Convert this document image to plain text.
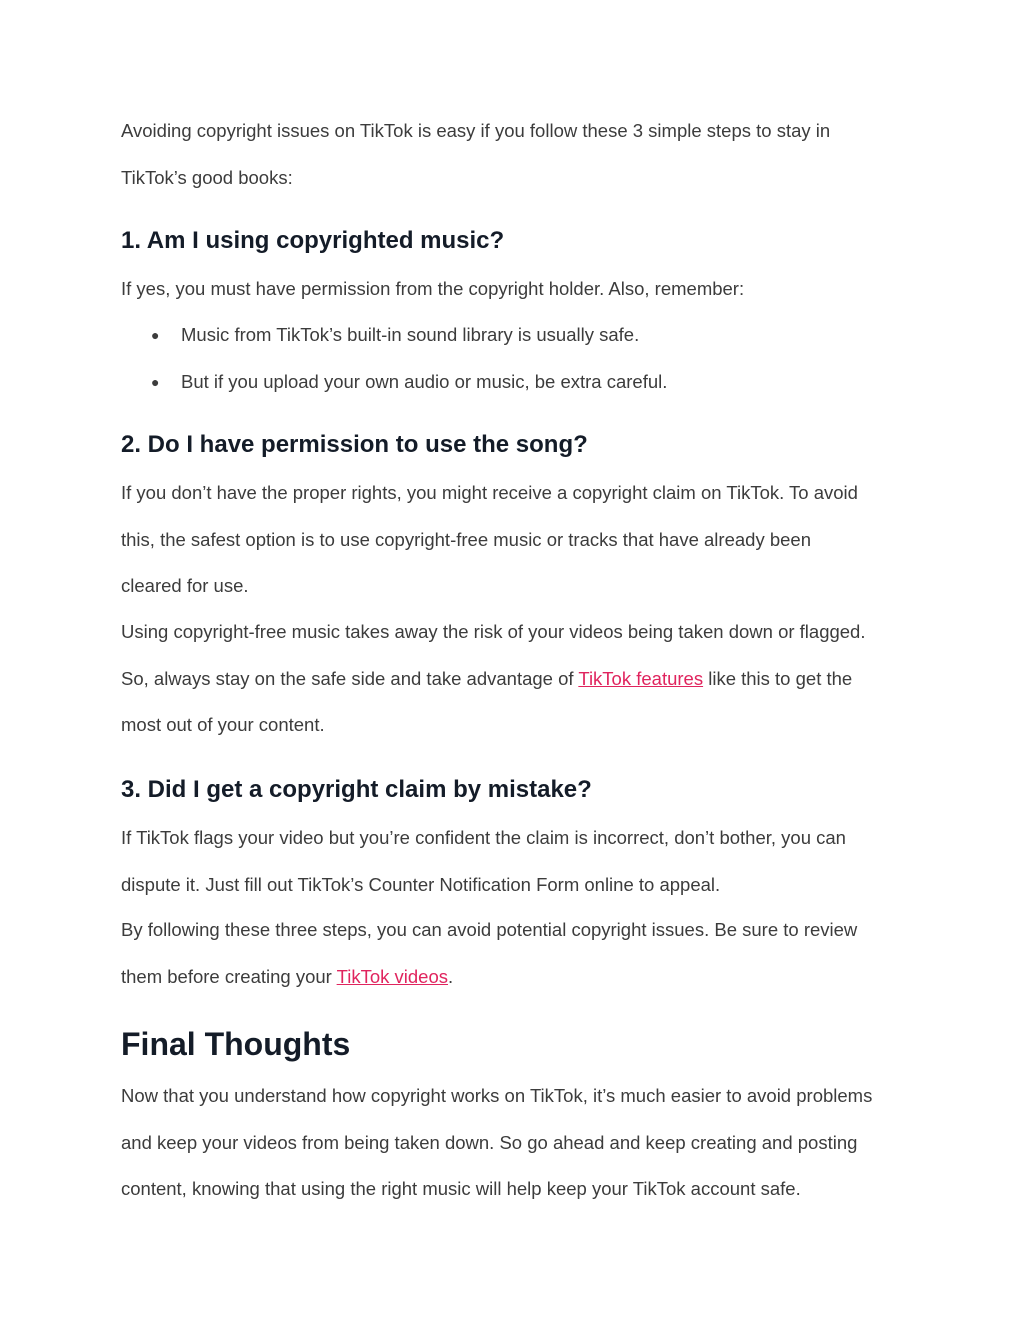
Avoiding copyright issues on TikTok is easy if you follow these 3 simple steps to stay in
TikTok’s good books:

1. Am I using copyrighted music?

If yes, you must have permission from the copyright holder. Also, remember:

● Music from TikTok’s built-in sound library is usually safe.
● But if you upload your own audio or music, be extra careful.
2. Do I have permission to use the song?

If you don’t have the proper rights, you might receive a copyright claim on TikTok. To avoid
this, the safest option is to use copyright-free music or tracks that have already been
cleared for use.

Using copyright-free music takes away the risk of your videos being taken down or flagged.
So, always stay on the safe side and take advantage of TikTok features like this to get the
most out of your content.

3. Did I get a copyright claim by mistake?

If TikTok flags your video but you’re confident the claim is incorrect, don’t bother, you can
dispute it. Just fill out TikTok’s Counter Notification Form online to appeal.

By following these three steps, you can avoid potential copyright issues. Be sure to review
them before creating your TikTok videos.

Final Thoughts

Now that you understand how copyright works on TikTok, it’s much easier to avoid problems
and keep your videos from being taken down. So go ahead and keep creating and posting
content, knowing that using the right music will help keep your TikTok account safe.
